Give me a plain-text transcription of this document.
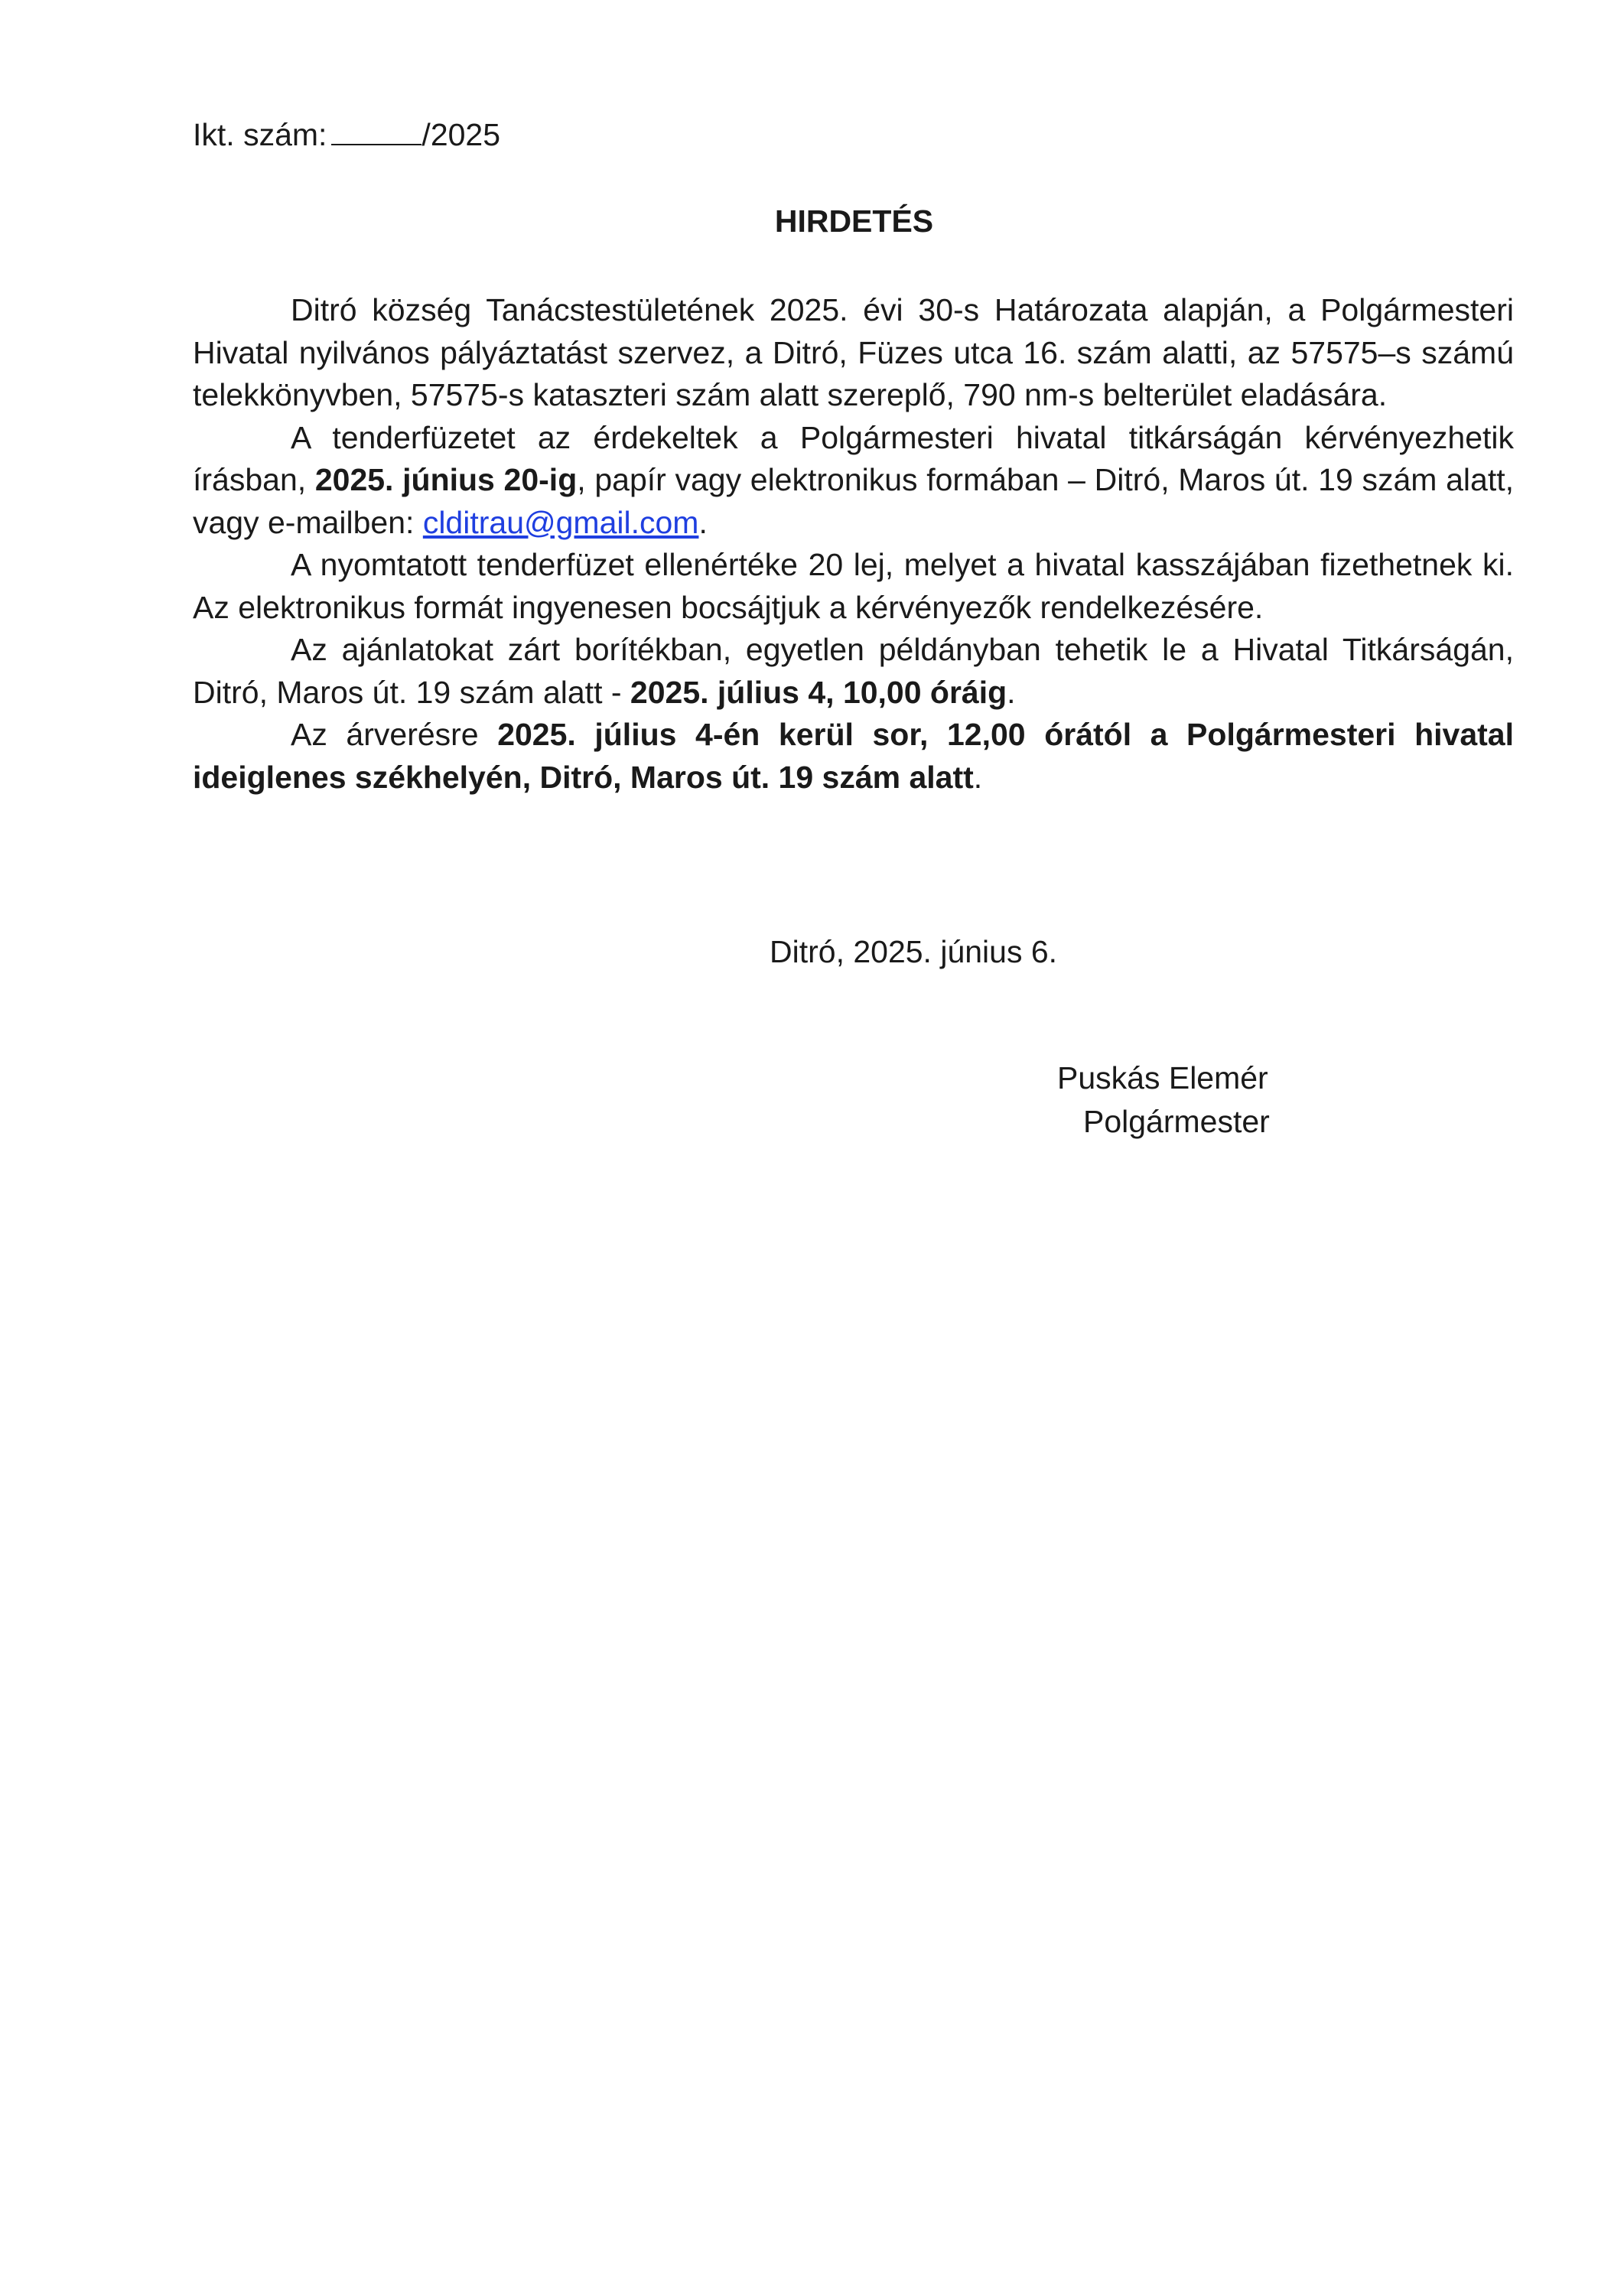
Ikt. szám:	/2025
HIRDETÉS

Ditró község Tanácstestületének 2025. évi 30-s Határozata alapján, a Polgármesteri Hivatal nyilvános pályáztatást szervez, a Ditró, Füzes utca 16. szám alatti, az 57575–s számú telekkönyvben, 57575-s kataszteri szám alatt szereplő, 790 nm-s belterület eladására.

A tenderfüzetet az érdekeltek a Polgármesteri hivatal titkárságán kérvényezhetik írásban, 2025. június 20-ig, papír vagy elektronikus formában – Ditró, Maros út. 19 szám alatt, vagy e-mailben: clditrau@gmail.com.

A nyomtatott tenderfüzet ellenértéke 20 lej, melyet a hivatal kasszájában fizethetnek ki. Az elektronikus formát ingyenesen bocsájtjuk a kérvényezők rendelkezésére.

Az ajánlatokat zárt borítékban, egyetlen példányban tehetik le a Hivatal Titkárságán, Ditró, Maros út. 19 szám alatt - 2025. július 4, 10,00 óráig.

Az árverésre 2025. július 4-én kerül sor, 12,00 órától a Polgármesteri hivatal ideiglenes székhelyén, Ditró, Maros út. 19 szám alatt.

Ditró, 2025. június 6.
Puskás Elemér
Polgármester
